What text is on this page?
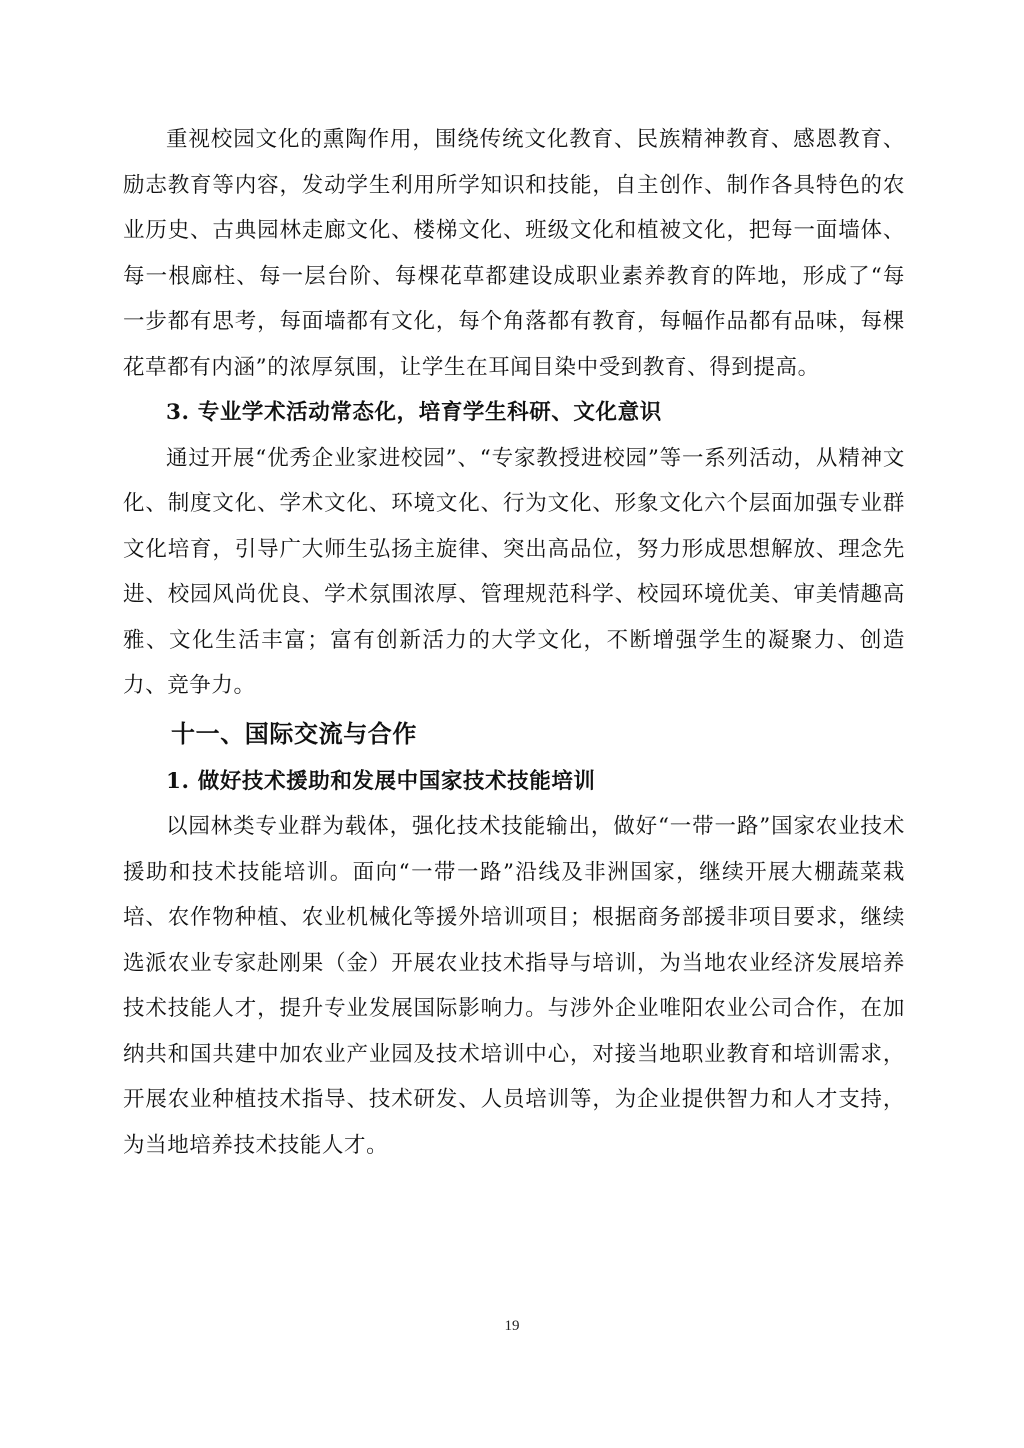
重视校园文化的熏陶作用，围绕传统文化教育、民族精神教育、感恩教育、励志教育等内容，发动学生利用所学知识和技能，自主创作、制作各具特色的农业历史、古典园林走廊文化、楼梯文化、班级文化和植被文化，把每一面墙体、每一根廊柱、每一层台阶、每棵花草都建设成职业素养教育的阵地，形成了“每一步都有思考，每面墙都有文化，每个角落都有教育，每幅作品都有品味，每棵花草都有内涵”的浓厚氛围，让学生在耳闻目染中受到教育、得到提高。

3. 专业学术活动常态化，培育学生科研、文化意识

通过开展“优秀企业家进校园”、“专家教授进校园”等一系列活动，从精神文化、制度文化、学术文化、环境文化、行为文化、形象文化六个层面加强专业群文化培育，引导广大师生弘扬主旋律、突出高品位，努力形成思想解放、理念先进、校园风尚优良、学术氛围浓厚、管理规范科学、校园环境优美、审美情趣高雅、文化生活丰富；富有创新活力的大学文化，不断增强学生的凝聚力、创造力、竞争力。

十一、国际交流与合作

1. 做好技术援助和发展中国家技术技能培训

以园林类专业群为载体，强化技术技能输出，做好“一带一路”国家农业技术援助和技术技能培训。面向“一带一路”沿线及非洲国家，继续开展大棚蔬菜栽培、农作物种植、农业机械化等援外培训项目；根据商务部援非项目要求，继续选派农业专家赴刚果（金）开展农业技术指导与培训，为当地农业经济发展培养技术技能人才，提升专业发展国际影响力。与涉外企业唯阳农业公司合作，在加纳共和国共建中加农业产业园及技术培训中心，对接当地职业教育和培训需求，开展农业种植技术指导、技术研发、人员培训等，为企业提供智力和人才支持，为当地培养技术技能人才。

19
